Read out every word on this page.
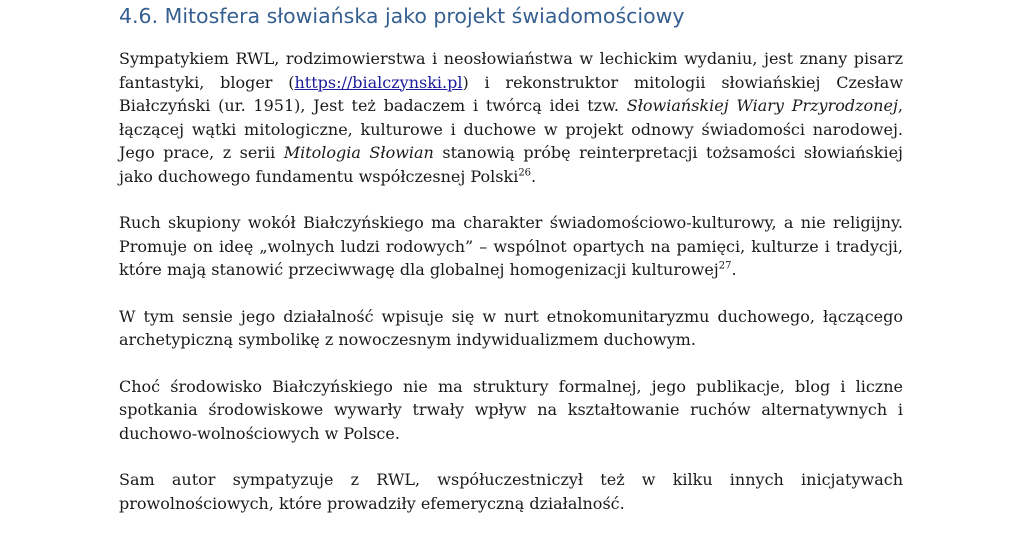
4.6. Mitosfera słowiańska jako projekt świadomościowy

Sympatykiem RWL, rodzimowierstwa i neosłowiaństwa w lechickim wydaniu, jest znany pisarz fantastyki, bloger (https://bialczynski.pl) i rekonstruktor mitologii słowiańskiej Czesław Białczyński (ur. 1951), Jest też badaczem i twórcą idei tzw. Słowiańskiej Wiary Przyrodzonej, łączącej wątki mitologiczne, kulturowe i duchowe w projekt odnowy świadomości narodowej. Jego prace, z serii Mitologia Słowian stanowią próbę reinterpretacji tożsamości słowiańskiej jako duchowego fundamentu współczesnej Polski$^{26}$.

Ruch skupiony wokół Białczyńskiego ma charakter świadomościowo-kulturowy, a nie religijny. Promuje on ideę „wolnych ludzi rodowych” – wspólnot opartych na pamięci, kulturze i tradycji, które mają stanowić przeciwwagę dla globalnej homogenizacji kulturowej$^{27}$.

W tym sensie jego działalność wpisuje się w nurt etnokomunitaryzmu duchowego, łączącego archetypiczną symbolikę z nowoczesnym indywidualizmem duchowym.

Choć środowisko Białczyńskiego nie ma struktury formalnej, jego publikacje, blog i liczne spotkania środowiskowe wywarły trwały wpływ na kształtowanie ruchów alternatywnych i duchowo-wolnościowych w Polsce.

Sam autor sympatyzuje z RWL, współuczestniczył też w kilku innych inicjatywach prowolnościowych, które prowadziły efemeryczną działalność.
